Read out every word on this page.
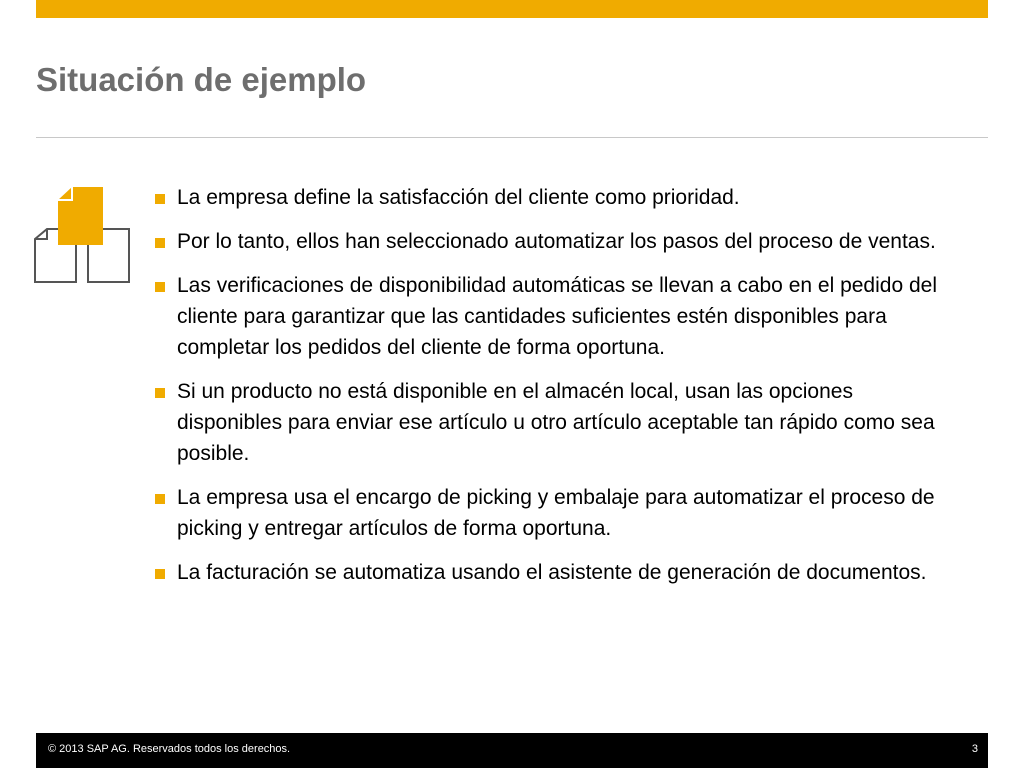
Situación de ejemplo
La empresa define la satisfacción del cliente como prioridad.
Por lo tanto, ellos han seleccionado automatizar los pasos del proceso de ventas.
Las verificaciones de disponibilidad automáticas se llevan a cabo en el pedido del cliente para garantizar que las cantidades suficientes estén disponibles para completar los pedidos del cliente de forma oportuna.
Si un producto no está disponible en el almacén local, usan las opciones disponibles para enviar ese artículo u otro artículo aceptable tan rápido como sea posible.
La empresa usa el encargo de picking y embalaje para automatizar el proceso de picking y entregar artículos de forma oportuna.
La facturación se automatiza usando el asistente de generación de documentos.
© 2013 SAP AG. Reservados todos los derechos.	3
